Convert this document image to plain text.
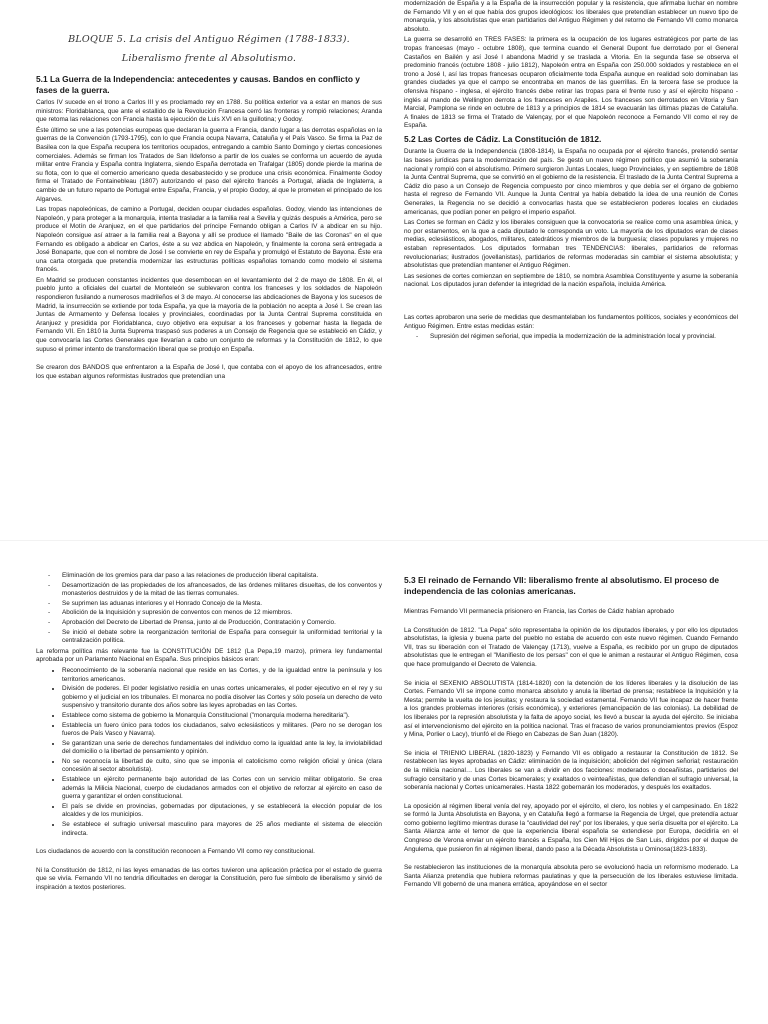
BLOQUE 5. La crisis del Antiguo Régimen (1788-1833). Liberalismo frente al Absolutismo.
5.1 La Guerra de la Independencia: antecedentes y causas. Bandos en conflicto y fases de la guerra.

Carlos IV sucede en el trono a Carlos III y es proclamado rey en 1788. Su política exterior va a estar en manos de sus ministros: Floridablanca, que ante el estallido de la Revolución Francesa cerró las fronteras y rompió relaciones; Aranda que retoma las relaciones con Francia hasta la ejecución de Luis XVI en la guillotina; y Godoy.

Éste último se une a las potencias europeas que declaran la guerra a Francia, dando lugar a las derrotas españolas en la guerras de la Convención (1793-1795), con lo que Francia ocupa Navarra, Cataluña y el País Vasco. Se firma la Paz de Basilea con la que España recupera los territorios ocupados, entregando a cambio Santo Domingo y ciertas concesiones comerciales. Además se firman los Tratados de San Ildefonso a partir de los cuales se conforma un acuerdo de ayuda militar entre Francia y España contra Inglaterra, siendo España derrotada en Trafalgar (1805) donde pierde la marina de su flota, con lo que el comercio americano queda desabastecido y se produce una crisis económica. Finalmente Godoy firma el Tratado de Fontainebleau (1807) autorizando el paso del ejército francés a Portugal, aliada de Inglaterra, a cambio de un futuro reparto de Portugal entre España, Francia, y el propio Godoy, al que le prometen el principado de los Algarves.

Las tropas napoleónicas, de camino a Portugal, deciden ocupar ciudades españolas. Godoy, viendo las intenciones de Napoleón, y para proteger a la monarquía, intenta trasladar a la familia real a Sevilla y quizás después a América, pero se produce el Motín de Aranjuez, en el que partidarios del príncipe Fernando obligan a Carlos IV a abdicar en su hijo. Napoleón consigue así atraer a la familia real a Bayona y allí se produce el llamado "Baile de las Coronas" en el que Fernando es obligado a abdicar en Carlos, éste a su vez abdica en Napoleón, y finalmente la corona será entregada a José Bonaparte, que con el nombre de José I se convierte en rey de España y promulgó el Estatuto de Bayona. Éste era una carta otorgada que pretendía modernizar las estructuras políticas españolas tomando como modelo el sistema francés.

En Madrid se producen constantes incidentes que desembocan en el levantamiento del 2 de mayo de 1808. En él, el pueblo junto a oficiales del cuartel de Monteleón se sublevaron contra los franceses y los soldados de Napoleón respondieron fusilando a numerosos madrileños el 3 de mayo. Al conocerse las abdicaciones de Bayona y los sucesos de Madrid, la insurrección se extiende por toda España, ya que la mayoría de la población no acepta a José I. Se crean las Juntas de Armamento y Defensa locales y provinciales, coordinadas por la Junta Central Suprema constituida en Aranjuez y presidida por Floridablanca, cuyo objetivo era expulsar a los franceses y gobernar hasta la llegada de Fernando VII. En 1810 la Junta Suprema traspasó sus poderes a un Consejo de Regencia que se estableció en Cádiz, y que convocaría las Cortes Generales que llevarían a cabo un conjunto de reformas y la Constitución de 1812, lo que supuso el primer intento de transformación liberal que se produjo en España.

Se crearon dos BANDOS que enfrentaron a la España de José I, que contaba con el apoyo de los afrancesados, entre los que estaban algunos reformistas ilustrados que pretendían una

modernización de España y a la España de la insurrección popular y la resistencia, que afirmaba luchar en nombre de Fernando VII y en el que había dos grupos ideológicos: los liberales que pretendían establecer un nuevo tipo de monarquía, y los absolutistas que eran partidarios del Antiguo Régimen y del retorno de Fernando VII como monarca absoluto.

La guerra se desarrolló en TRES FASES: la primera es la ocupación de los lugares estratégicos por parte de las tropas francesas (mayo - octubre 1808), que termina cuando el General Dupont fue derrotado por el General Castaños en Bailén y así José I abandona Madrid y se traslada a Vitoria. En la segunda fase se observa el predominio francés (octubre 1808 - julio 1812), Napoleón entra en España con 250.000 soldados y restablece en el trono a José I, así las tropas francesas ocuparon oficialmente toda España aunque en realidad solo dominaban las grandes ciudades ya que el campo se encontraba en manos de las guerrillas. En la tercera fase se produce la ofensiva hispano - inglesa, el ejército francés debe retirar las tropas para el frente ruso y así el ejército hispano - inglés al mando de Wellington derrota a los franceses en Arapiles. Los franceses son derrotados en Vitoria y San Marcial, Pamplona se rinde en octubre de 1813 y a principios de 1814 se evacuarán las últimas plazas de Cataluña. A finales de 1813 se firma el Tratado de Valençay, por el que Napoleón reconoce a Fernando VII como el rey de España.

5.2 Las Cortes de Cádiz. La Constitución de 1812.

Durante la Guerra de la Independencia (1808-1814), la España no ocupada por el ejército francés, pretendió sentar las bases jurídicas para la modernización del país. Se gestó un nuevo régimen político que asumió la soberanía nacional y rompió con el absolutismo. Primero surgieron Juntas Locales, luego Provinciales, y en septiembre de 1808 la Junta Central Suprema, que se convirtió en el gobierno de la resistencia. El traslado de la Junta Central Suprema a Cádiz dio paso a un Consejo de Regencia compuesto por cinco miembros y que debía ser el órgano de gobierno hasta el regreso de Fernando VII. Aunque la Junta Central ya había debatido la idea de una reunión de Cortes Generales, la Regencia no se decidió a convocarlas hasta que se establecieron poderes locales en ciudades americanas, que podían poner en peligro el imperio español.

Las Cortes se forman en Cádiz y los liberales consiguen que la convocatoria se realice como una asamblea única, y no por estamentos, en la que a cada diputado le corresponda un voto. La mayoría de los diputados eran de clases medias, eclesiásticos, abogados, militares, catedráticos y miembros de la burguesía; clases populares y mujeres no estaban representados. Los diputados formaban tres TENDENCIAS: liberales, partidarios de reformas revolucionarias; ilustrados (jovellanistas), partidarios de reformas moderadas sin cambiar el sistema absolutista; y absolutistas que pretendían mantener el Antiguo Régimen.

Las sesiones de cortes comienzan en septiembre de 1810, se nombra Asamblea Constituyente y asume la soberanía nacional. Los diputados juran defender la integridad de la nación española, incluida América.

Las cortes aprobaron una serie de medidas que desmantelaban los fundamentos políticos, sociales y económicos del Antiguo Régimen. Entre estas medidas están:

- Supresión del régimen señorial, que impedía la modernización de la administración local y provincial.
- Eliminación de los gremios para dar paso a las relaciones de producción liberal capitalista.
- Desamortización de las propiedades de los afrancesados, de las órdenes militares disueltas, de los conventos y monasterios destruidos y de la mitad de las tierras comunales.
- Se suprimen las aduanas interiores y el Honrado Concejo de la Mesta.
- Abolición de la Inquisición y supresión de conventos con menos de 12 miembros.
- Aprobación del Decreto de Libertad de Prensa, junto al de Producción, Contratación y Comercio.
- Se inició el debate sobre la reorganización territorial de España para conseguir la uniformidad territorial y la centralización política.

La reforma política más relevante fue la CONSTITUCIÓN DE 1812 (La Pepa,19 marzo), primera ley fundamental aprobada por un Parlamento Nacional en España. Sus principios básicos eran:

• Reconocimiento de la soberanía nacional que reside en las Cortes, y de la igualdad entre la península y los territorios americanos.
• División de poderes. El poder legislativo residía en unas cortes unicamerales, el poder ejecutivo en el rey y su gobierno y el judicial en los tribunales. El monarca no podía disolver las Cortes y sólo poseía un derecho de veto suspensivo y transitorio durante dos años sobre las leyes aprobadas en las Cortes.
• Establece como sistema de gobierno la Monarquía Constitucional ("monarquía moderna hereditaria").
• Establecía un fuero único para todos los ciudadanos, salvo eclesiásticos y militares. (Pero no se derogan los fueros de País Vasco y Navarra).
• Se garantizan una serie de derechos fundamentales del individuo como la igualdad ante la ley, la inviolabilidad del domicilio o la libertad de pensamiento y opinión.
• No se reconocía la libertad de culto, sino que se imponía el catolicismo como religión oficial y única (clara concesión al sector absolutista).
• Establece un ejército permanente bajo autoridad de las Cortes con un servicio militar obligatorio. Se crea además la Milicia Nacional, cuerpo de ciudadanos armados con el objetivo de reforzar al ejército en caso de guerra y garantizar el orden constitucional.
• El país se divide en provincias, gobernadas por diputaciones, y se establecerá la elección popular de los alcaldes y de los municipios.
• Se establece el sufragio universal masculino para mayores de 25 años mediante el sistema de elección indirecta.

Los ciudadanos de acuerdo con la constitución reconocen a Fernando VII como rey constitucional.

Ni la Constitución de 1812, ni las leyes emanadas de las cortes tuvieron una aplicación práctica por el estado de guerra que se vivía. Fernando VII no tendría dificultades en derogar la Constitución, pero fue símbolo de liberalismo y sirvió de inspiración a textos posteriores.

5.3 El reinado de Fernando VII: liberalismo frente al absolutismo. El proceso de independencia de las colonias americanas.

Mientras Fernando VII permanecía prisionero en Francia, las Cortes de Cádiz habían aprobado

La Constitución de 1812. "La Pepa" sólo representaba la opinión de los diputados liberales, y por ello los diputados absolutistas, la iglesia y buena parte del pueblo no estaba de acuerdo con este nuevo régimen. Cuando Fernando VII, tras su liberación con el Tratado de Valençay (1713), vuelve a España, es recibido por un grupo de diputados absolutistas que le entregan el "Manifiesto de los persas" con el que le animan a restaurar el Antiguo Régimen, cosa que hace promulgando el Decreto de Valencia.

Se inicia el SEXENIO ABSOLUTISTA (1814-1820) con la detención de los líderes liberales y la disolución de las Cortes. Fernando VII se impone como monarca absoluto y anula la libertad de prensa; restablece la Inquisición y la Mesta; permite la vuelta de los jesuitas; y restaura la sociedad estamental. Fernando VII fue incapaz de hacer frente a los grandes problemas interiores (crisis económica), y exteriores (emancipación de las colonias). La debilidad de los liberales por la represión absolutista y la falta de apoyo social, les llevó a buscar la ayuda del ejército. Se iniciaba así el intervencionismo del ejército en la política nacional. Tras el fracaso de varios pronunciamientos previos (Espoz y Mina, Porlier o Lacy), triunfó el de Riego en Cabezas de San Juan (1820).

Se inicia el TRIENIO LIBERAL (1820-1823) y Fernando VII es obligado a restaurar la Constitución de 1812. Se restablecen las leyes aprobadas en Cádiz: eliminación de la inquisición; abolición del régimen señorial; restauración de la milicia nacional… Los liberales se van a dividir en dos facciones: moderados o doceañistas, partidarios del sufragio censitario y de unas Cortes bicamerales; y exaltados o veinteañistas, que defendían el sufragio universal, la soberanía nacional y Cortes unicamerales. Hasta 1822 gobernarán los moderados, y después los exaltados.

La oposición al régimen liberal venía del rey, apoyado por el ejército, el clero, los nobles y el campesinado. En 1822 se formó la Junta Absolutista en Bayona, y en Cataluña llegó a formarse la Regencia de Urgel, que pretendía actuar como gobierno legítimo mientras durase la "cautividad del rey" por los liberales, y que sería disuelta por el ejército. La Santa Alianza ante el temor de que la experiencia liberal española se extendiese por Europa, decidiría en el Congreso de Verona enviar un ejército francés a España, los Cien Mil Hijos de San Luis, dirigidos por el duque de Angulema, que pusieron fin al régimen liberal, dando paso a la Década Absolutista u Ominosa(1823-1833).

Se restablecieron las instituciones de la monarquía absoluta pero se evolucionó hacia un reformismo moderado. La Santa Alianza pretendía que hubiera reformas paulatinas y que la persecución de los liberales estuviese limitada. Fernando VII gobernó de una manera errática, apoyándose en el sector
